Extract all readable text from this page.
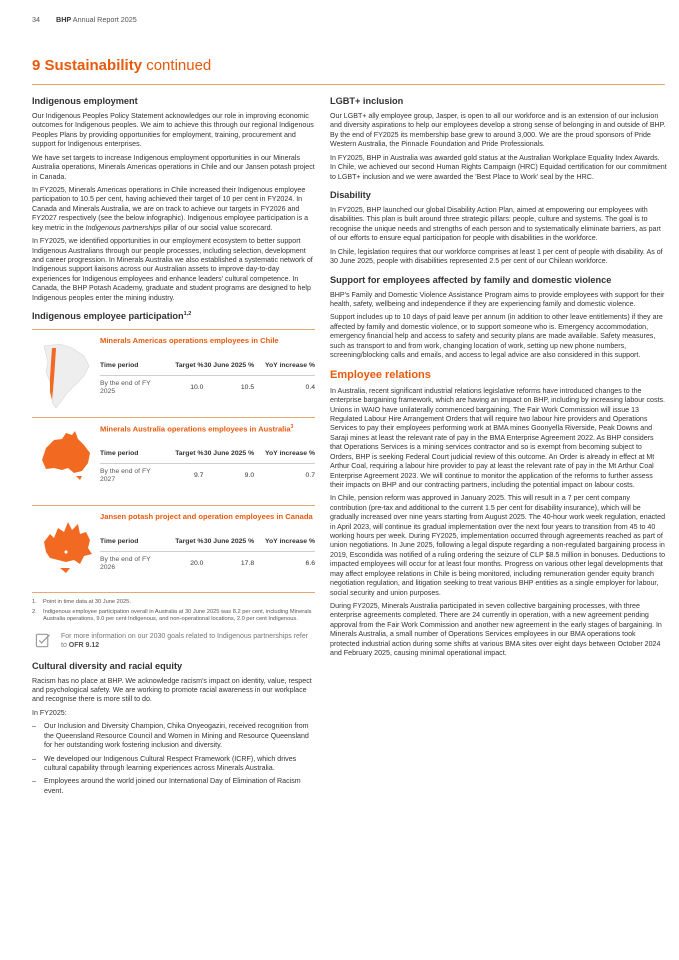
34 BHP Annual Report 2025
9 Sustainability continued
Indigenous employment

Our Indigenous Peoples Policy Statement acknowledges our role in improving economic outcomes for Indigenous peoples. We aim to achieve this through our regional Indigenous Peoples Plans by providing opportunities for employment, training, procurement and support for Indigenous enterprises.

We have set targets to increase Indigenous employment opportunities in our Minerals Australia operations, Minerals Americas operations in Chile and our Jansen potash project in Canada.

In FY2025, Minerals Americas operations in Chile increased their Indigenous employee participation to 10.5 per cent, having achieved their target of 10 per cent in FY2024. In Canada and Minerals Australia, we are on track to achieve our targets in FY2026 and FY2027 respectively (see the below infographic). Indigenous employee participation is a key metric in the Indigenous partnerships pillar of our social value scorecard.

In FY2025, we identified opportunities in our employment ecosystem to better support Indigenous Australians through our people processes, including selection, development and career progression. In Minerals Australia we also established a systematic network of Indigenous support liaisons across our Australian assets to improve day-to-day experiences for Indigenous employees and enhance leaders' cultural competence. In Canada, the BHP Potash Academy, graduate and student programs are designed to help Indigenous peoples enter the mining industry.

Indigenous employee participation$^{1,2}$
Minerals Americas operations employees in Chile
Time period	Target %	30 June 2025 %	YoY increase %
By the end of FY 2025	10.0	10.5	0.4
Minerals Australia operations employees in Australia$^3$
Time period	Target %	30 June 2025 %	YoY increase %
By the end of FY 2027	9.7	9.0	0.7
Jansen potash project and operation employees in Canada
Time period	Target %	30 June 2025 %	YoY increase %
By the end of FY 2026	20.0	17.8	6.6
1. Point in time data at 30 June 2025.
2. Indigenous employee participation overall in Australia at 30 June 2025 was 8.2 per cent, including Minerals Australia operations, 9.0 per cent Indigenous, and non-operational locations, 2.0 per cent Indigenous.
For more information on our 2030 goals related to Indigenous partnerships refer to OFR 9.12
Cultural diversity and racial equity

Racism has no place at BHP. We acknowledge racism's impact on identity, value, respect and psychological safety. We are working to promote racial awareness in our workplace and recognise there is more still to do.

In FY2025:

– Our Inclusion and Diversity Champion, Chika Onyeogaziri, received recognition from the Queensland Resource Council and Women in Mining and Resource Queensland for her outstanding work fostering inclusion and diversity.
– We developed our Indigenous Cultural Respect Framework (ICRF), which drives cultural capability through learning experiences across Minerals Australia.
– Employees around the world joined our International Day of Elimination of Racism event.
LGBT+ inclusion

Our LGBT+ ally employee group, Jasper, is open to all our workforce and is an extension of our inclusion and diversity aspirations to help our employees develop a strong sense of belonging in and outside of BHP. By the end of FY2025 its membership base grew to around 3,000. We are the proud sponsors of Pride Western Australia, the Pinnacle Foundation and Pride Professionals.

In FY2025, BHP in Australia was awarded gold status at the Australian Workplace Equality Index Awards. In Chile, we achieved our second Human Rights Campaign (HRC) Equidad certification for our commitment to LGBT+ inclusion and we were awarded the 'Best Place to Work' seal by the HRC.

Disability

In FY2025, BHP launched our global Disability Action Plan, aimed at empowering our employees with disabilities. This plan is built around three strategic pillars: people, culture and systems. The goal is to recognise the unique needs and strengths of each person and to systematically eliminate barriers, as part of our efforts to ensure equal participation for people with disabilities in the workforce.

In Chile, legislation requires that our workforce comprises at least 1 per cent of people with disability. As of 30 June 2025, people with disabilities represented 2.5 per cent of our Chilean workforce.

Support for employees affected by family and domestic violence

BHP's Family and Domestic Violence Assistance Program aims to provide employees with support for their health, safety, wellbeing and independence if they are experiencing family and domestic violence.

Support includes up to 10 days of paid leave per annum (in addition to other leave entitlements) if they are affected by family and domestic violence, or to support someone who is. Emergency accommodation, emergency financial help and access to safety and security plans are made available. Safety measures, such as transport to and from work, changing location of work, setting up new phone numbers, screening/blocking calls and emails, and access to legal advice are also considered in this support.

Employee relations

In Australia, recent significant industrial relations legislative reforms have introduced changes to the enterprise bargaining framework, which are having an impact on BHP, including by increasing labour costs. Unions in WAIO have unilaterally commenced bargaining. The Fair Work Commission will issue 13 Regulated Labour Hire Arrangement Orders that will require two labour hire providers and Operations Services to pay their employees performing work at BMA mines Goonyella Riverside, Peak Downs and Saraji mines at least the relevant rate of pay in the BMA Enterprise Agreement 2022. As BHP considers that Operations Services is a mining services contractor and so is exempt from becoming subject to Orders, BHP is seeking Federal Court judicial review of this outcome. An Order is already in effect at Mt Arthur Coal, requiring a labour hire provider to pay at least the relevant rate of pay in the Mt Arthur Coal Enterprise Agreement 2023. We will continue to monitor the application of the reforms to further assess their impacts on BHP and our contracting partners, including the potential impact on labour costs.

In Chile, pension reform was approved in January 2025. This will result in a 7 per cent company contribution (pre-tax and additional to the current 1.5 per cent for disability insurance), which will be gradually increased over nine years starting from August 2025. The 40-hour work week regulation, enacted in April 2023, will continue its gradual implementation over the next four years to transition from 45 to 40 working hours per week. During FY2025, implementation occurred through agreements reached as part of union negotiations. In June 2025, following a legal dispute regarding a non-regulated bargaining process in 2019, Escondida was notified of a ruling ordering the seizure of CLP $8.5 million in bonuses. Deductions to impacted employees will occur for at least four months. Progress on various other legal developments that may affect employee relations in Chile is being monitored, including remuneration gender equity branch negotiation regulation, and litigation seeking to treat various BHP entities as a single employer for labour, social security and union purposes.

During FY2025, Minerals Australia participated in seven collective bargaining processes, with three enterprise agreements completed. There are 24 currently in operation, with a new agreement pending approval from the Fair Work Commission and another new agreement in the early stages of bargaining. In Minerals Australia, a small number of Operations Services employees in our BMA operations took protected industrial action during some shifts at various BMA sites over eight days between October 2024 and February 2025, causing minimal operational impact.
